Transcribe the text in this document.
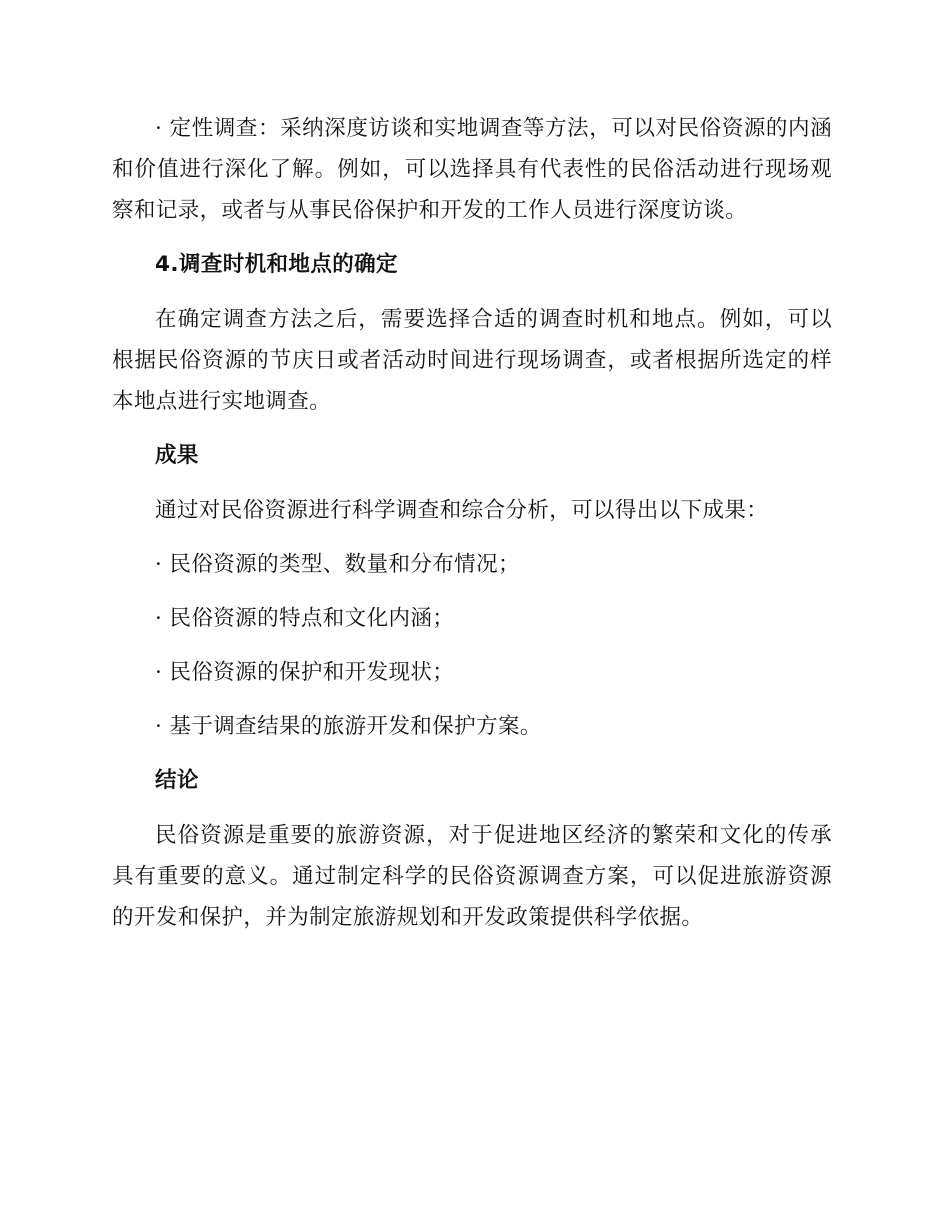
· 定性调查：采纳深度访谈和实地调查等方法，可以对民俗资源的内涵和价值进行深化了解。例如，可以选择具有代表性的民俗活动进行现场观察和记录，或者与从事民俗保护和开发的工作人员进行深度访谈。

4.调查时机和地点的确定

在确定调查方法之后，需要选择合适的调查时机和地点。例如，可以根据民俗资源的节庆日或者活动时间进行现场调查，或者根据所选定的样本地点进行实地调查。

成果

通过对民俗资源进行科学调查和综合分析，可以得出以下成果：

· 民俗资源的类型、数量和分布情况；

· 民俗资源的特点和文化内涵；

· 民俗资源的保护和开发现状；

· 基于调查结果的旅游开发和保护方案。

结论

民俗资源是重要的旅游资源，对于促进地区经济的繁荣和文化的传承具有重要的意义。通过制定科学的民俗资源调查方案，可以促进旅游资源的开发和保护，并为制定旅游规划和开发政策提供科学依据。
